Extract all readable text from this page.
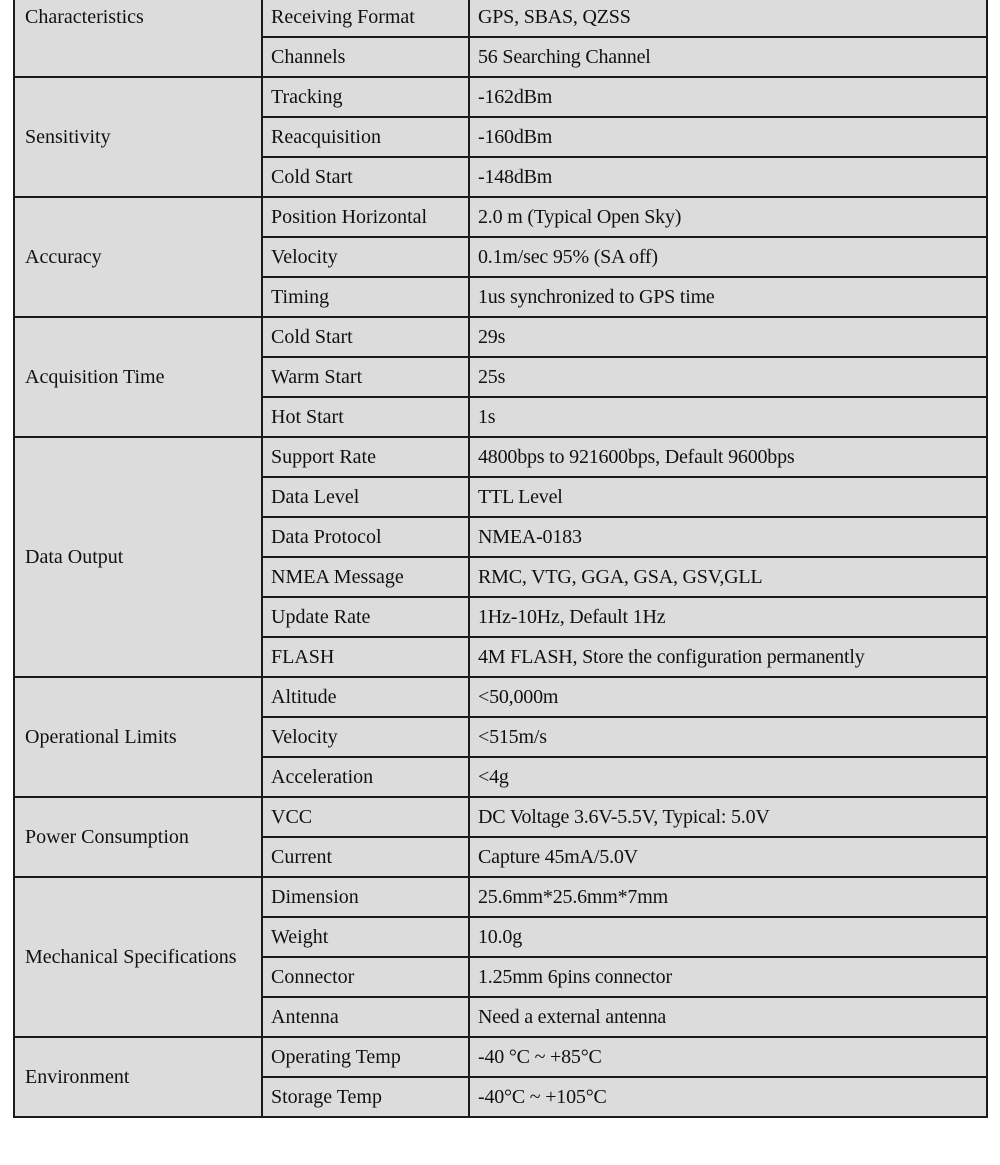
Characteristics	Receiving Format	GPS, SBAS, QZSS
	Channels	56 Searching Channel
Sensitivity	Tracking	-162dBm
	Reacquisition	-160dBm
	Cold Start	-148dBm
Accuracy	Position Horizontal	2.0 m (Typical Open Sky)
	Velocity	0.1m/sec 95% (SA off)
	Timing	1us synchronized to GPS time
Acquisition Time	Cold Start	29s
	Warm Start	25s
	Hot Start	1s
Data Output	Support Rate	4800bps to 921600bps, Default 9600bps
	Data Level	TTL Level
	Data Protocol	NMEA-0183
	NMEA Message	RMC, VTG, GGA, GSA, GSV,GLL
	Update Rate	1Hz-10Hz, Default 1Hz
	FLASH	4M FLASH, Store the configuration permanently
Operational Limits	Altitude	<50,000m
	Velocity	<515m/s
	Acceleration	<4g
Power Consumption	VCC	DC Voltage 3.6V-5.5V, Typical: 5.0V
	Current	Capture 45mA/5.0V
Mechanical Specifications	Dimension	25.6mm*25.6mm*7mm
	Weight	10.0g
	Connector	1.25mm 6pins connector
	Antenna	Need a external antenna
Environment	Operating Temp	-40 °C ~ +85°C
	Storage Temp	-40°C ~ +105°C
